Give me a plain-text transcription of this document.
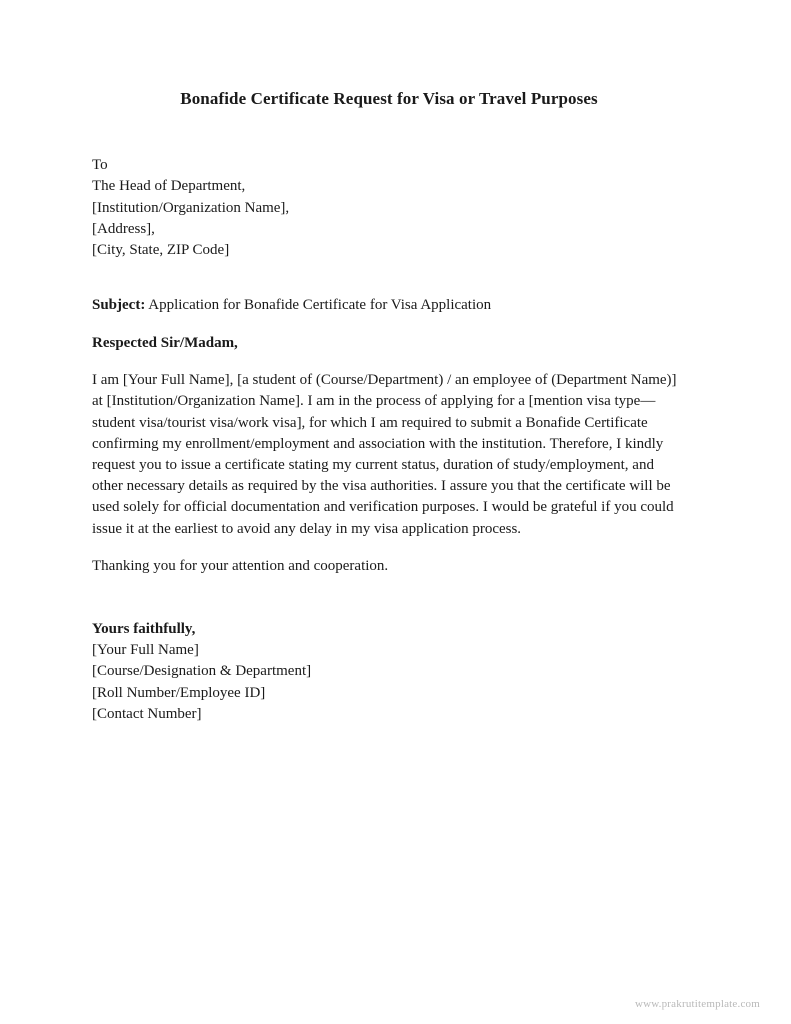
Bonafide Certificate Request for Visa or Travel Purposes
To
The Head of Department,
[Institution/Organization Name],
[Address],
[City, State, ZIP Code]
Subject: Application for Bonafide Certificate for Visa Application
Respected Sir/Madam,

I am [Your Full Name], [a student of (Course/Department) / an employee of (Department Name)] at [Institution/Organization Name]. I am in the process of applying for a [mention visa type—student visa/tourist visa/work visa], for which I am required to submit a Bonafide Certificate confirming my enrollment/employment and association with the institution. Therefore, I kindly request you to issue a certificate stating my current status, duration of study/employment, and other necessary details as required by the visa authorities. I assure you that the certificate will be used solely for official documentation and verification purposes. I would be grateful if you could issue it at the earliest to avoid any delay in my visa application process.

Thanking you for your attention and cooperation.

Yours faithfully,
[Your Full Name]
[Course/Designation & Department]
[Roll Number/Employee ID]
[Contact Number]
www.prakrutitemplate.com
